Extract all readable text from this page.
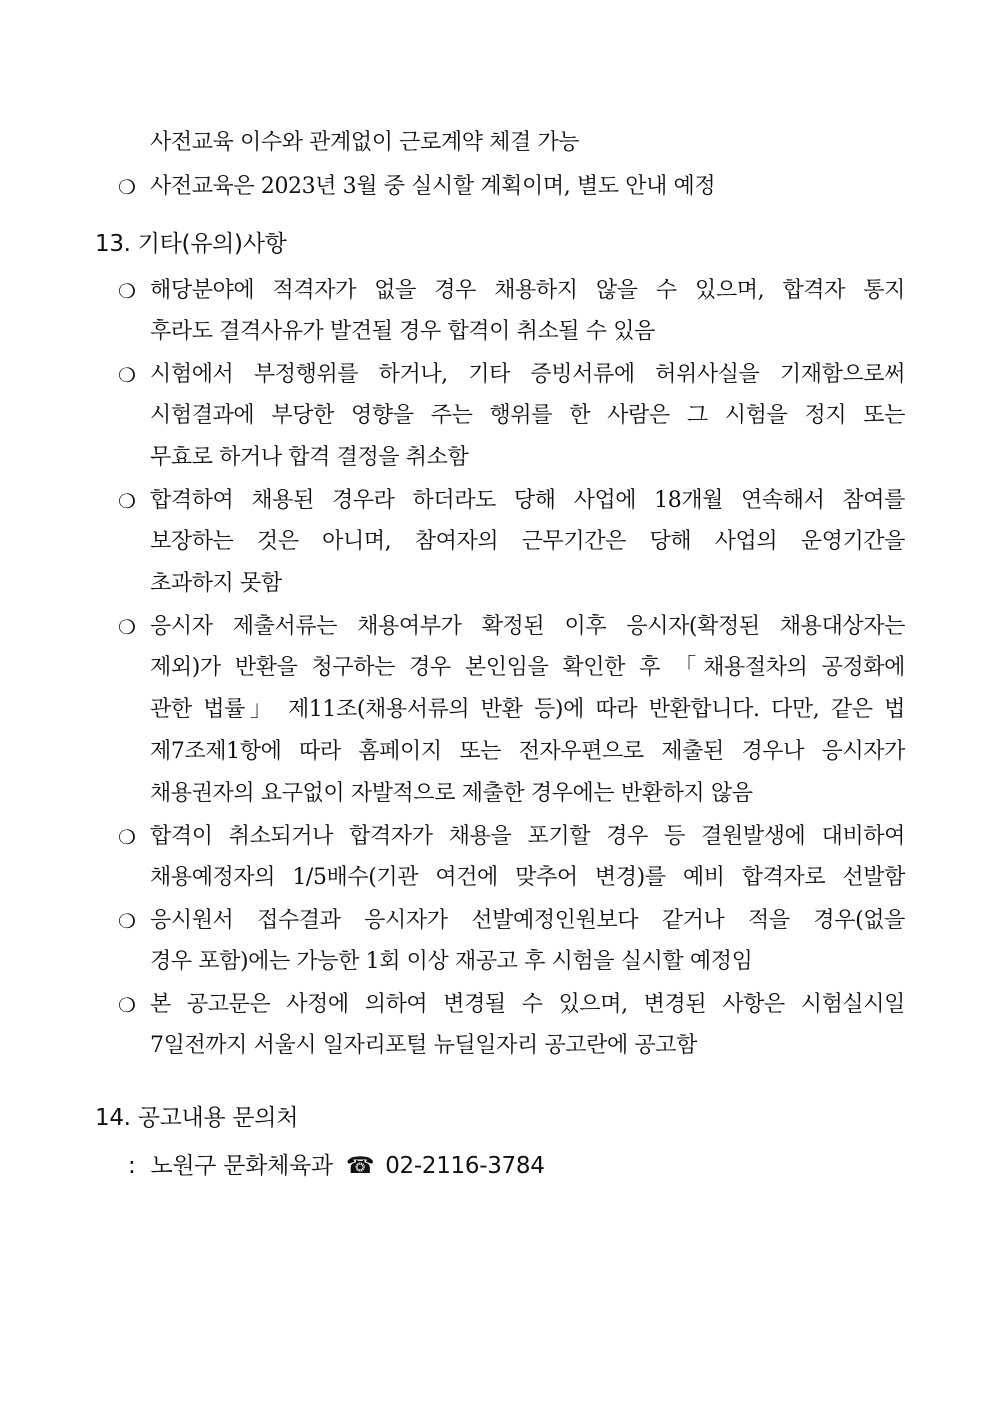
사전교육 이수와 관계없이 근로계약 체결 가능
❍ 사전교육은 2023년 3월 중 실시할 계획이며, 별도 안내 예정
13. 기타(유의)사항
❍ 해당분야에 적격자가 없을 경우 채용하지 않을 수 있으며, 합격자 통지
후라도 결격사유가 발견될 경우 합격이 취소될 수 있음
❍ 시험에서 부정행위를 하거나, 기타 증빙서류에 허위사실을 기재함으로써
시험결과에 부당한 영향을 주는 행위를 한 사람은 그 시험을 정지 또는
무효로 하거나 합격 결정을 취소함
❍ 합격하여 채용된 경우라 하더라도 당해 사업에 18개월 연속해서 참여를
보장하는 것은 아니며, 참여자의 근무기간은 당해 사업의 운영기간을
초과하지 못함
❍ 응시자 제출서류는 채용여부가 확정된 이후 응시자(확정된 채용대상자는
제외)가 반환을 청구하는 경우 본인임을 확인한 후 「채용절차의 공정화에
관한 법률」 제11조(채용서류의 반환 등)에 따라 반환합니다. 다만, 같은 법
제7조제1항에 따라 홈페이지 또는 전자우편으로 제출된 경우나 응시자가
채용권자의 요구없이 자발적으로 제출한 경우에는 반환하지 않음
❍ 합격이 취소되거나 합격자가 채용을 포기할 경우 등 결원발생에 대비하여
채용예정자의 1/5배수(기관 여건에 맞추어 변경)를 예비 합격자로 선발함
❍ 응시원서 접수결과 응시자가 선발예정인원보다 같거나 적을 경우(없을
경우 포함)에는 가능한 1회 이상 재공고 후 시험을 실시할 예정임
❍ 본 공고문은 사정에 의하여 변경될 수 있으며, 변경된 사항은 시험실시일
7일전까지 서울시 일자리포털 뉴딜일자리 공고란에 공고함
14. 공고내용 문의처
: 노원구 문화체육과 ☎ 02-2116-3784
